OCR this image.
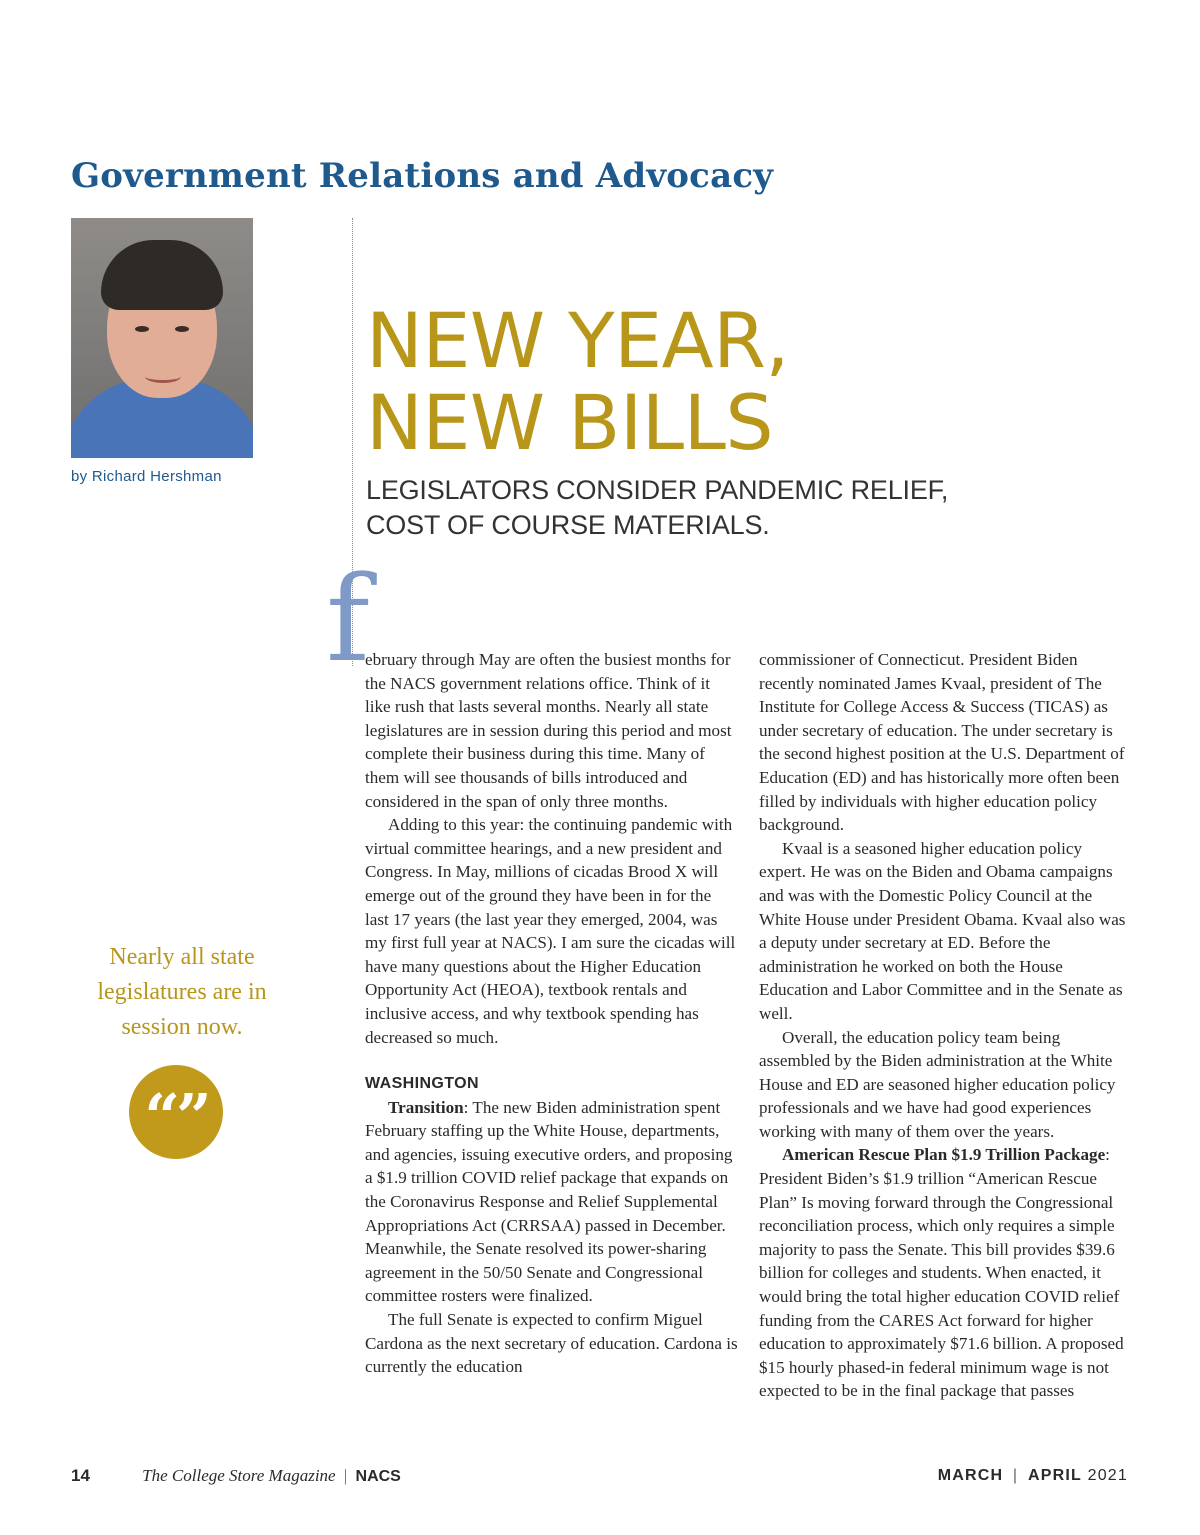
Government Relations and Advocacy

by Richard Hershman

NEW YEAR,
NEW BILLS

LEGISLATORS CONSIDER PANDEMIC RELIEF,
COST OF COURSE MATERIALS.

Nearly all state
legislatures are in
session now.

“”
f

ebruary through May are often the busiest months for the NACS government relations office. Think of it like rush that lasts several months. Nearly all state legislatures are in session during this period and most complete their business during this time. Many of them will see thousands of bills introduced and considered in the span of only three months.

Adding to this year: the continuing pandemic with virtual committee hearings, and a new president and Congress. In May, millions of cicadas Brood X will emerge out of the ground they have been in for the last 17 years (the last year they emerged, 2004, was my first full year at NACS). I am sure the cicadas will have many questions about the Higher Education Opportunity Act (HEOA), textbook rentals and inclusive access, and why textbook spending has decreased so much.

WASHINGTON

Transition: The new Biden administration spent February staffing up the White House, departments, and agencies, issuing executive orders, and proposing a $1.9 trillion COVID relief package that expands on the Coronavirus Response and Relief Supplemental Appropriations Act (CRRSAA) passed in December. Meanwhile, the Senate resolved its power-sharing agreement in the 50/50 Senate and Congressional committee rosters were finalized.

The full Senate is expected to confirm Miguel Cardona as the next secretary of education. Cardona is currently the education

commissioner of Connecticut. President Biden recently nominated James Kvaal, president of The Institute for College Access & Success (TICAS) as under secretary of education. The under secretary is the second highest position at the U.S. Department of Education (ED) and has historically more often been filled by individuals with higher education policy background.

Kvaal is a seasoned higher education policy expert. He was on the Biden and Obama campaigns and was with the Domestic Policy Council at the White House under President Obama. Kvaal also was a deputy under secretary at ED. Before the administration he worked on both the House Education and Labor Committee and in the Senate as well.

Overall, the education policy team being assembled by the Biden administration at the White House and ED are seasoned higher education policy professionals and we have had good experiences working with many of them over the years.

American Rescue Plan $1.9 Trillion Package: President Biden’s $1.9 trillion “American Rescue Plan” Is moving forward through the Congressional reconciliation process, which only requires a simple majority to pass the Senate. This bill provides $39.6 billion for colleges and students. When enacted, it would bring the total higher education COVID relief funding from the CARES Act forward for higher education to approximately $71.6 billion. A proposed $15 hourly phased-in federal minimum wage is not expected to be in the final package that passes

14	The College Store Magazine | NACS	MARCH | APRIL 2021
